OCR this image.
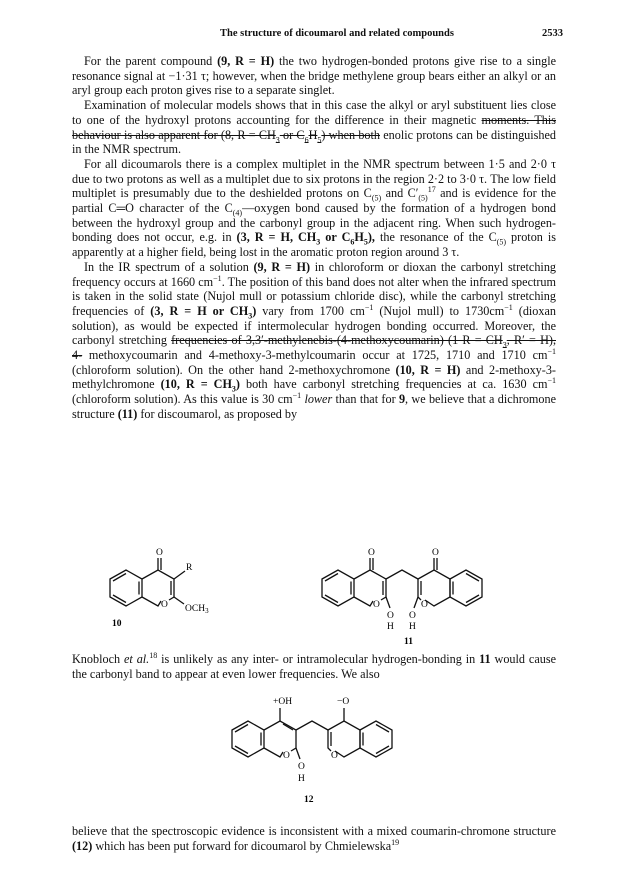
The structure of dicoumarol and related compounds	2533

For the parent compound (9, R = H) the two hydrogen-bonded protons give rise to a single resonance signal at −1·31 τ; however, when the bridge methylene group bears either an alkyl or an aryl group each proton gives rise to a separate singlet.

Examination of molecular models shows that in this case the alkyl or aryl substituent lies close to one of the hydroxyl protons accounting for the difference in their magnetic moments. This behaviour is also apparent for (8, $R = CH_3$ or $C_6H_5$) when both enolic protons can be distinguished in the NMR spectrum.

For all dicoumarols there is a complex multiplet in the NMR spectrum between 1·5 and 2·0 τ due to two protons as well as a multiplet due to six protons in the region 2·2 to 3·0 τ. The low field multiplet is presumably due to the deshielded protons on $C_{(5)}$ and $C'_{(5)}^{17}$ and is evidence for the partial C═O character of the $C_{(4)}—oxygen$ bond caused by the formation of a hydrogen bond between the hydroxyl group and the carbonyl group in the adjacent ring. When such hydrogen-bonding does not occur, e.g. in (3, R = H, $CH_3$ or $C_6H_5$), the resonance of the $C_{(5)}$ proton is apparently at a higher field, being lost in the aromatic proton region around 3 τ.

In the IR spectrum of a solution (9, R = H) in chloroform or dioxan the carbonyl stretching frequency occurs at 1660 $cm^{-1}$. The position of this band does not alter when the infrared spectrum is taken in the solid state (Nujol mull or potassium chloride disc), while the carbonyl stretching frequencies of (3, R = H or $CH_3$) vary from 1700 $cm^{-1}$ (Nujol mull) to $1730cm^{-1}$ (dioxan solution), as would be expected if intermolecular hydrogen bonding occurred. Moreover, the carbonyl stretching frequencies of 3,3′-methylenebis-(4-methoxycoumarin) (1 $R = CH_3$, R′ = H), 4- methoxycoumarin and 4-methoxy-3-methylcoumarin occur at 1725, 1710 and 1710 $cm^{-1}$ (chloroform solution). On the other hand 2-methoxychromone (10, R = H) and 2-methoxy-3-methylchromone (10, $R = CH_3$) both have carbonyl stretching frequencies at ca. 1630 $cm^{-1}$ (chloroform solution). As this value is 30 $cm^{-1}$ lower than that for 9, we believe that a dichromone structure (11) for discoumarol, as proposed by

O
O
R
$OCH_3$
10
O	O
O	O
O O
H H
11

Knobloch et al.$^{18}$ is unlikely as any inter- or intramolecular hydrogen-bonding in 11 would cause the carbonyl band to appear at even lower frequencies. We also

+OH	−O
O	O
O
H
12

believe that the spectroscopic evidence is inconsistent with a mixed coumarin-chromone structure (12) which has been put forward for dicoumarol by Chmielewska$^{19}$
